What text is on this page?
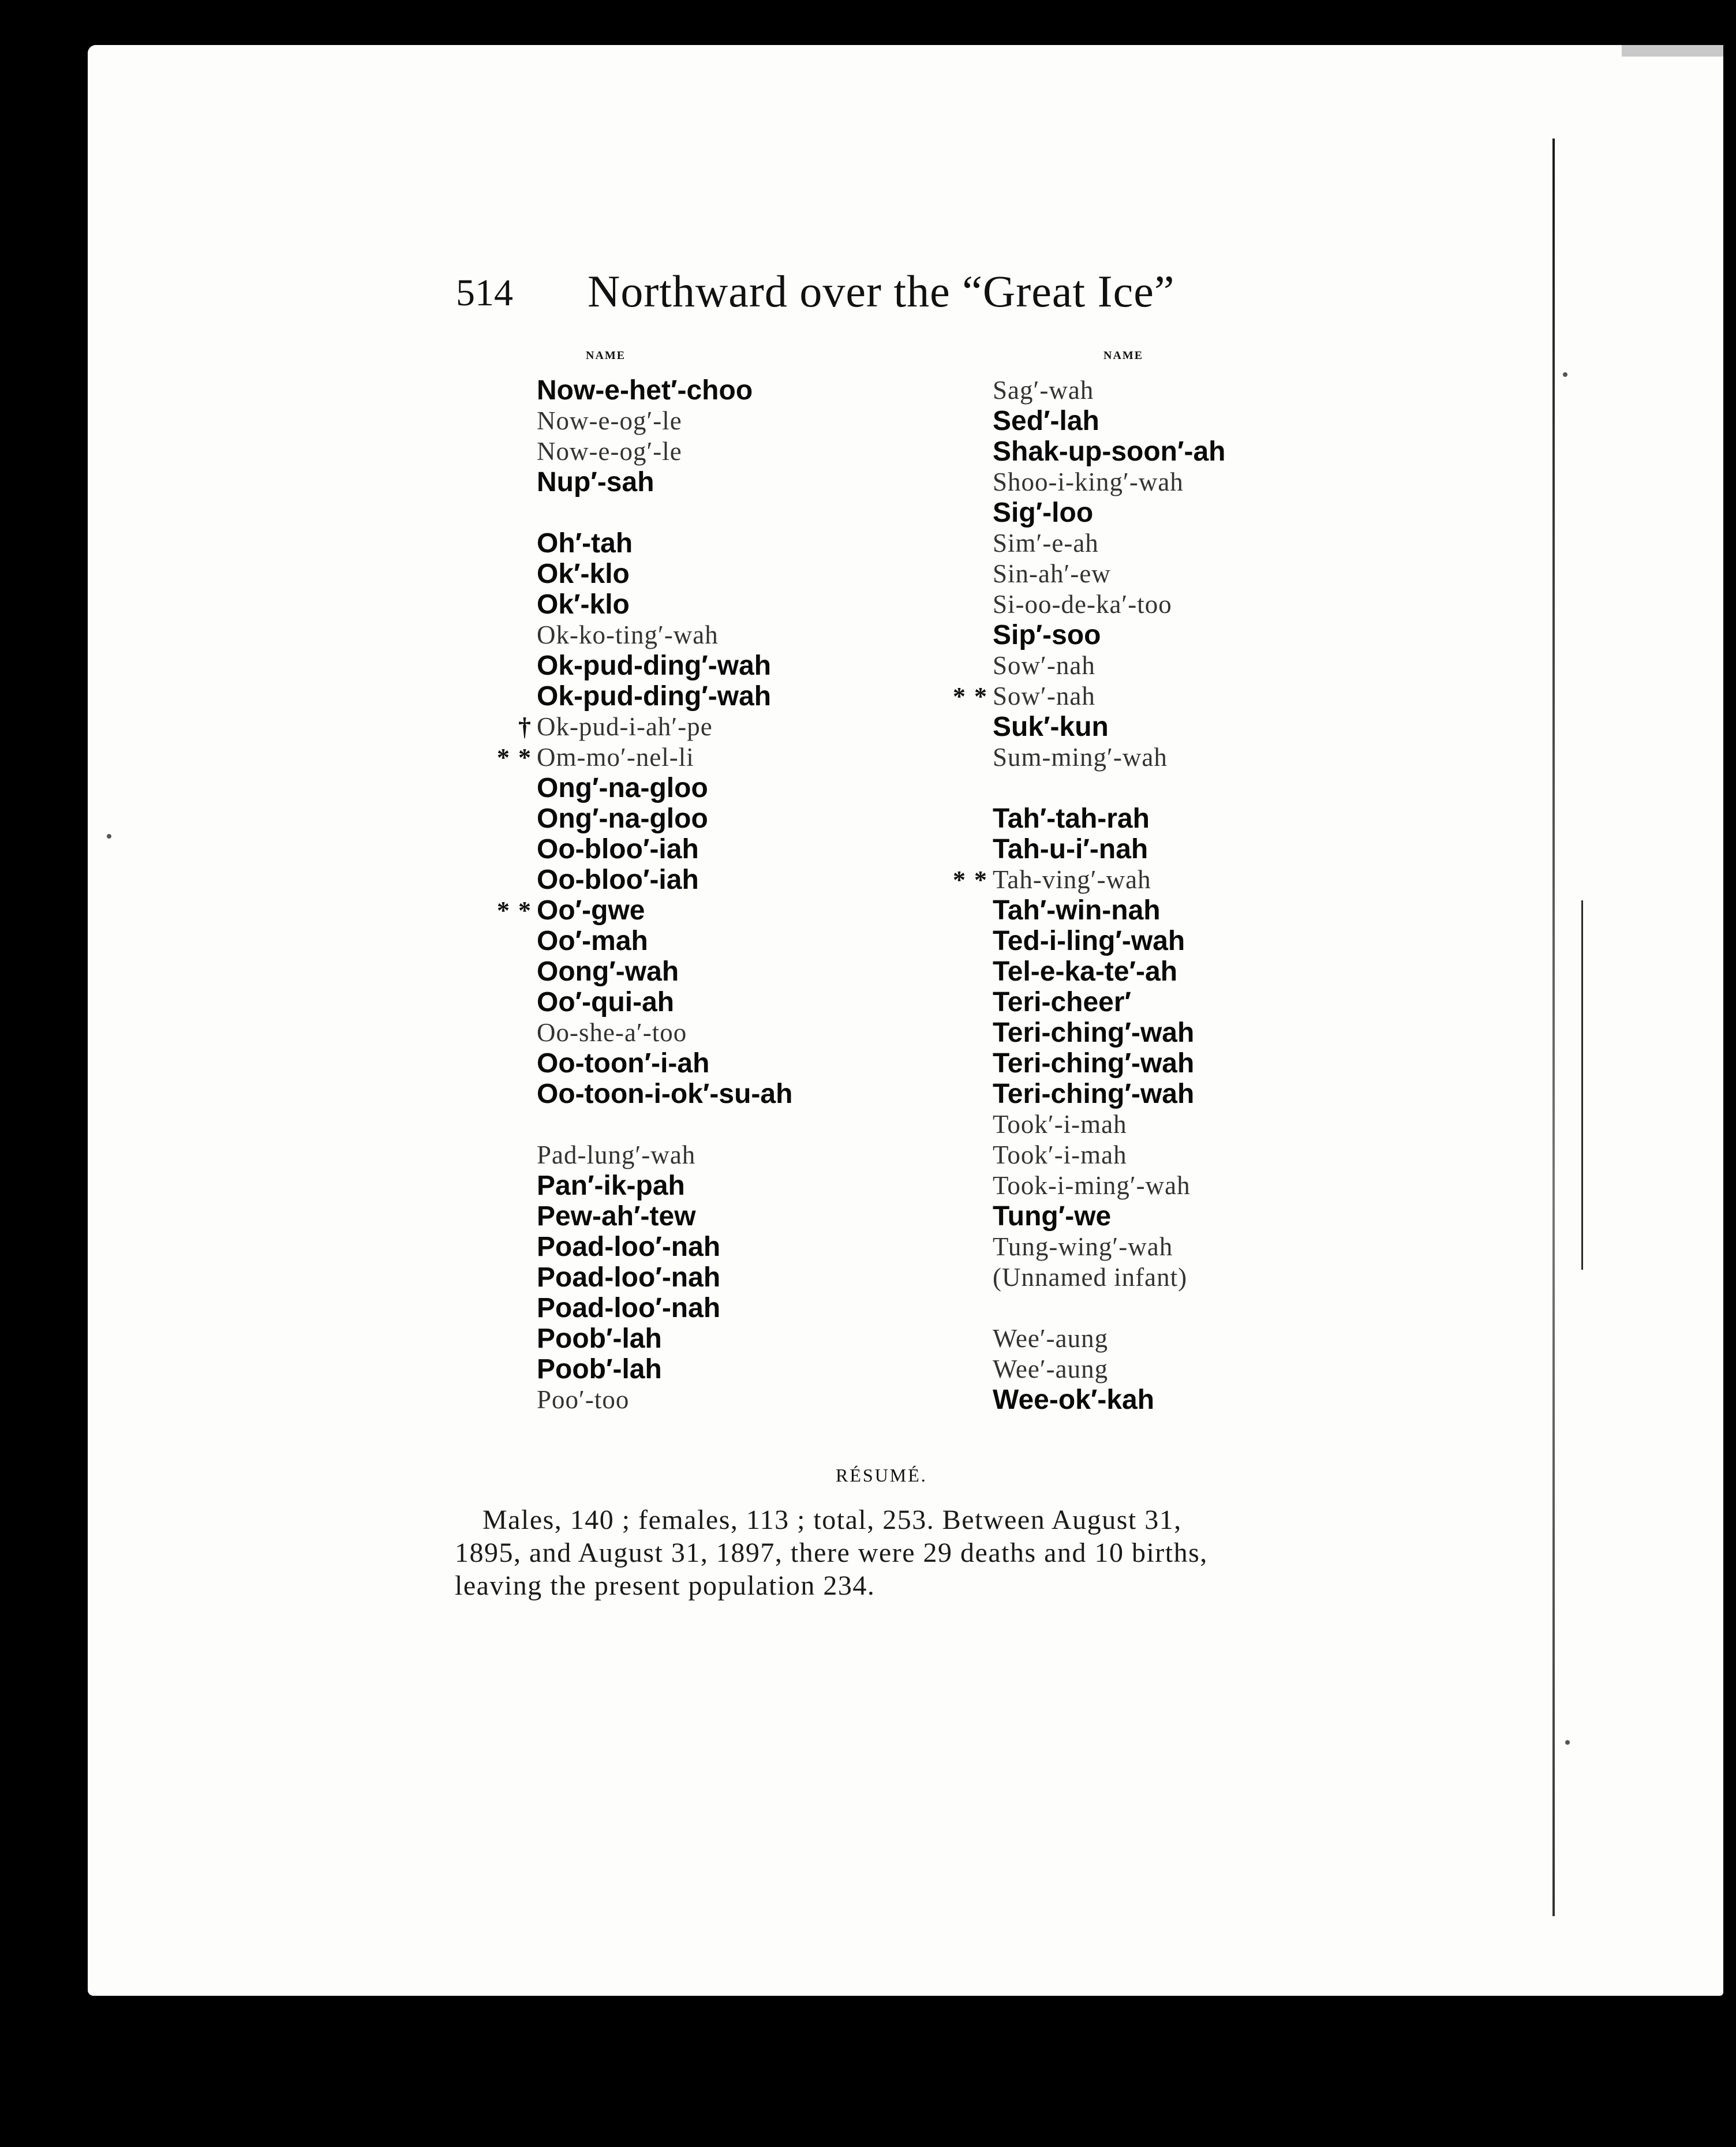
514 Northward over the “Great Ice”
NAME	NAME
Now-e-het′-choo
Now-e-og′-le
Now-e-og′-le
Nup′-sah
Oh′-tah
Ok′-klo
Ok′-klo
Ok-ko-ting′-wah
Ok-pud-ding′-wah
Ok-pud-ding′-wah
† Ok-pud-i-ah′-pe
* * Om-mo′-nel-li
Ong′-na-gloo
Ong′-na-gloo
Oo-bloo′-iah
Oo-bloo′-iah
* * Oo′-gwe
Oo′-mah
Oong′-wah
Oo′-qui-ah
Oo-she-a′-too
Oo-toon′-i-ah
Oo-toon-i-ok′-su-ah
Pad-lung′-wah
Pan′-ik-pah
Pew-ah′-tew
Poad-loo′-nah
Poad-loo′-nah
Poad-loo′-nah
Poob′-lah
Poob′-lah
Poo′-too
Sag′-wah
Sed′-lah
Shak-up-soon′-ah
Shoo-i-king′-wah
Sig′-loo
Sim′-e-ah
Sin-ah′-ew
Si-oo-de-ka′-too
Sip′-soo
Sow′-nah
* * Sow′-nah
Suk′-kun
Sum-ming′-wah
Tah′-tah-rah
Tah-u-i′-nah
* * Tah-ving′-wah
Tah′-win-nah
Ted-i-ling′-wah
Tel-e-ka-te′-ah
Teri-cheer′
Teri-ching′-wah
Teri-ching′-wah
Teri-ching′-wah
Took′-i-mah
Took′-i-mah
Took-i-ming′-wah
Tung′-we
Tung-wing′-wah
(Unnamed infant)
Wee′-aung
Wee′-aung
Wee-ok′-kah
RÉSUMÉ.
Males, 140 ; females, 113 ; total, 253. Between August 31,
1895, and August 31, 1897, there were 29 deaths and 10 births,
leaving the present population 234.
